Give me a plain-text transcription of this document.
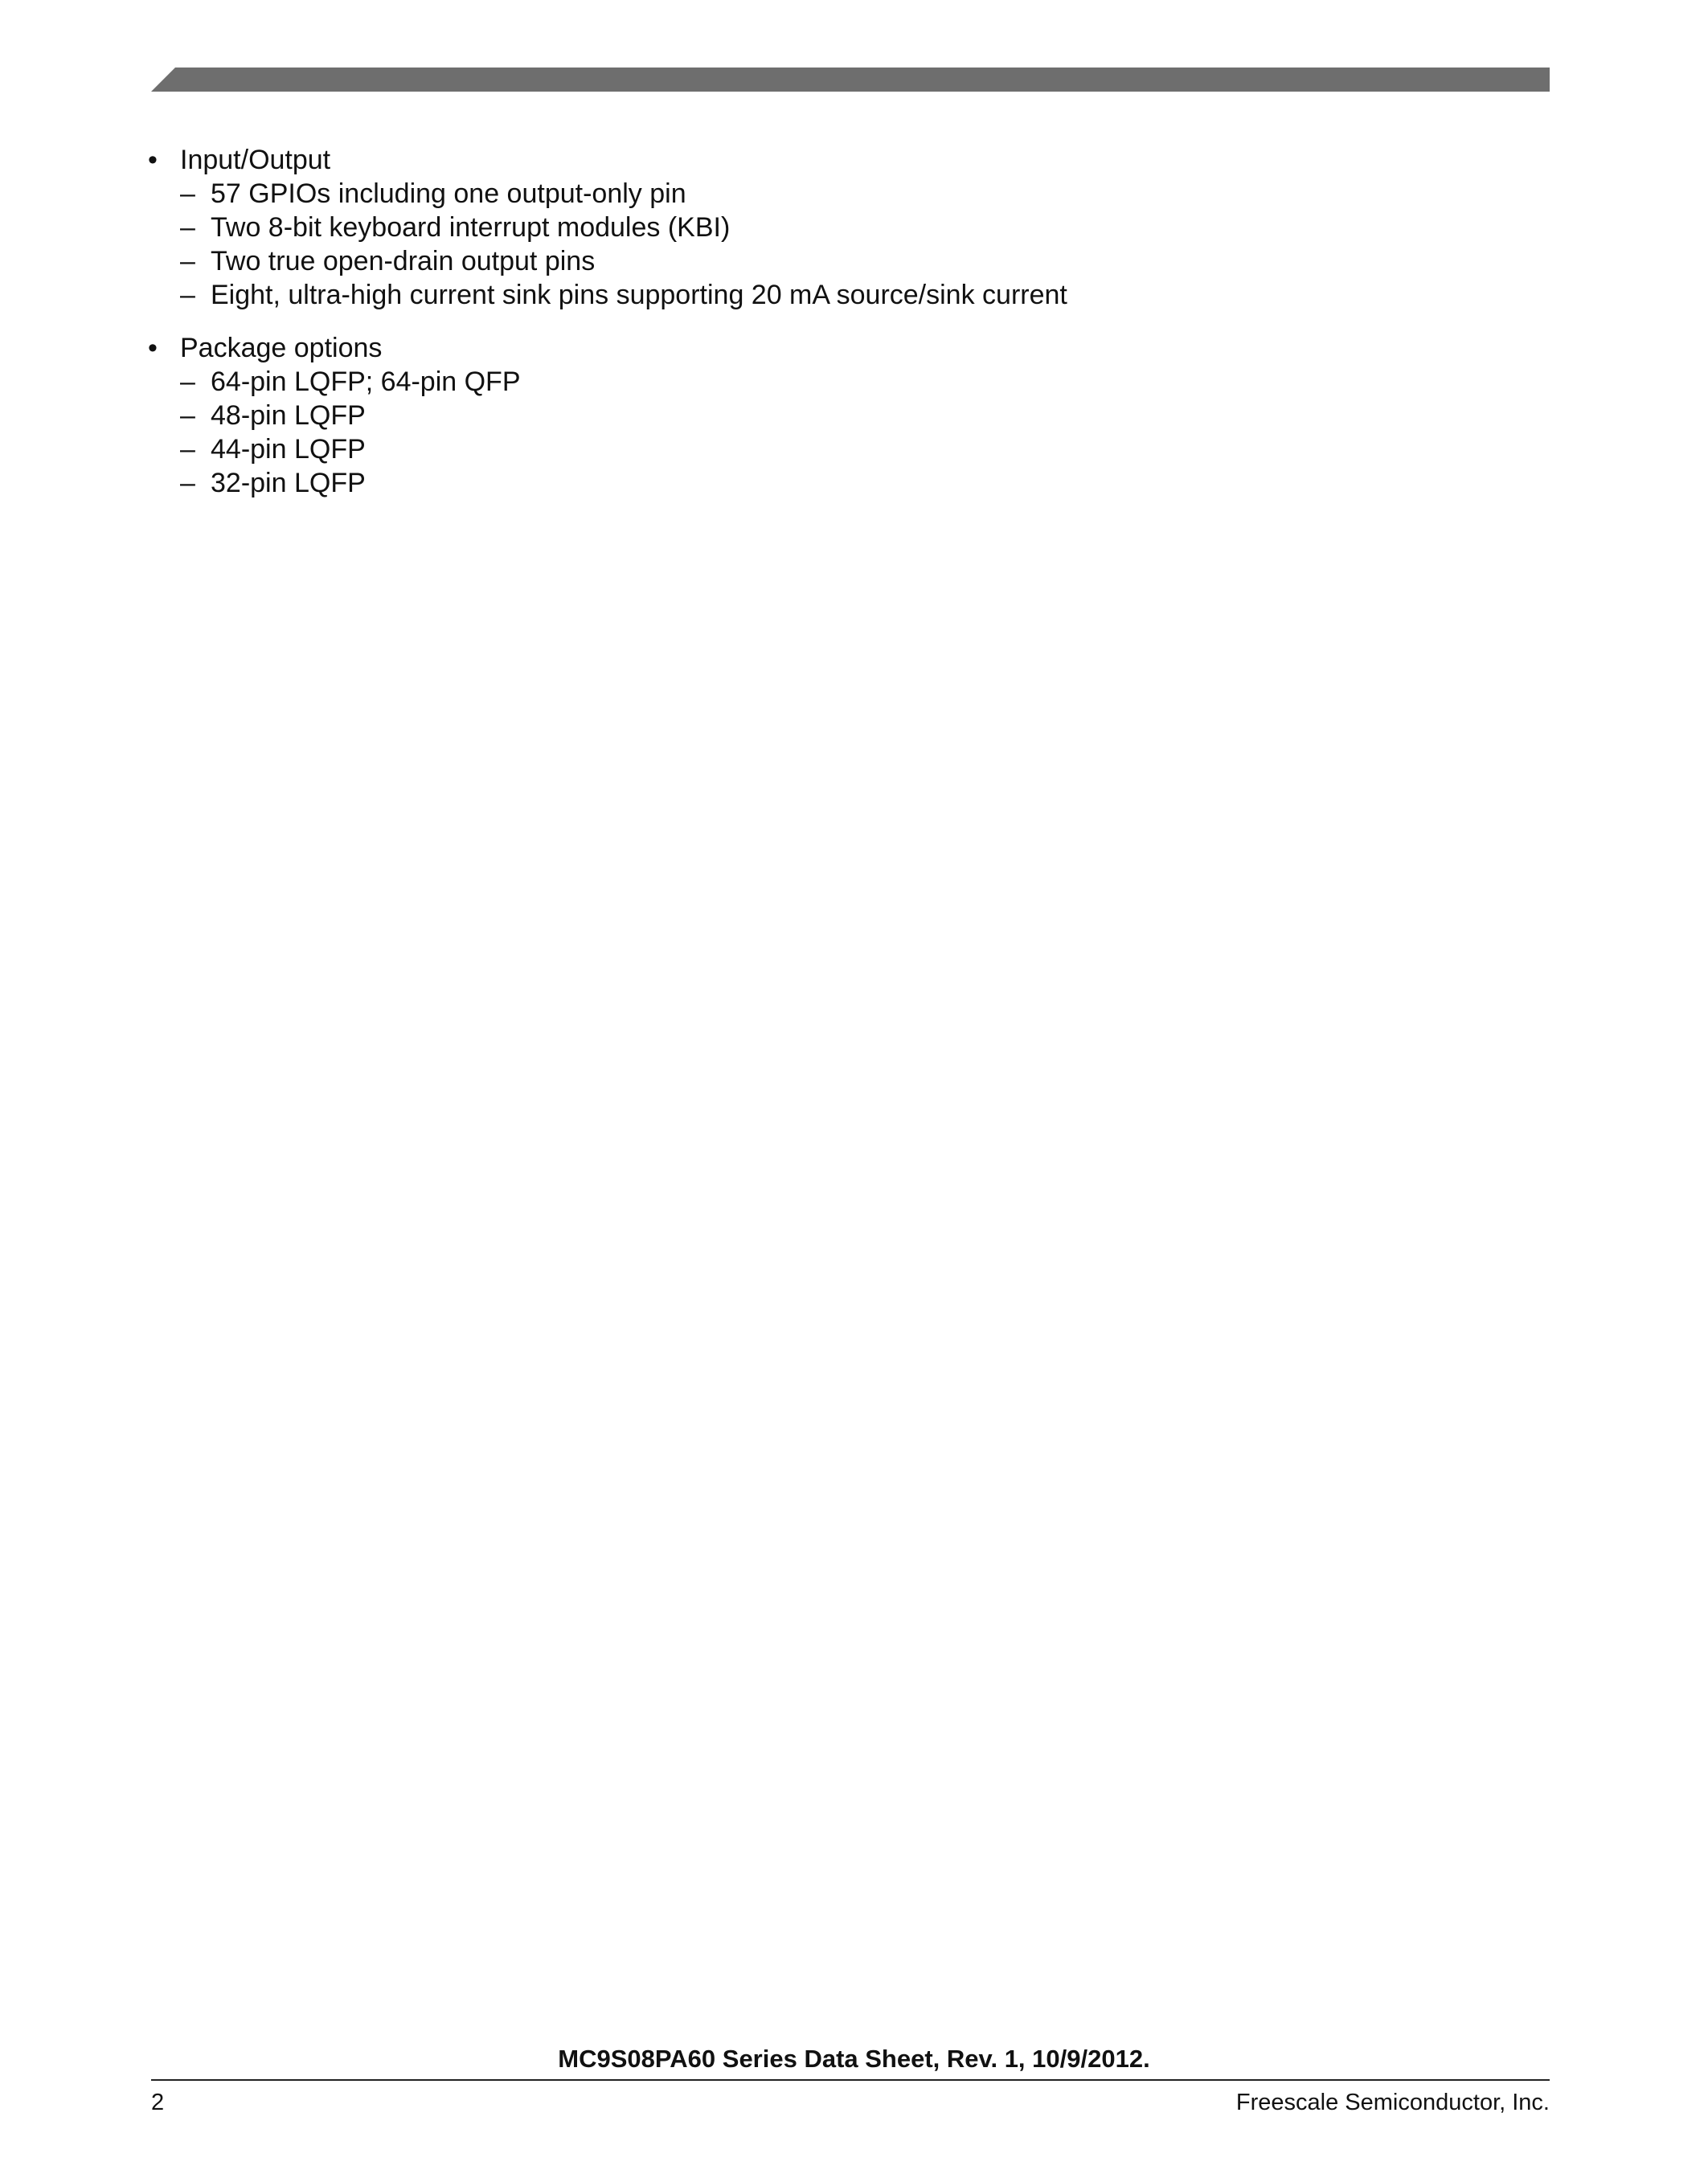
• Input/Output
– 57 GPIOs including one output-only pin
– Two 8-bit keyboard interrupt modules (KBI)
– Two true open-drain output pins
– Eight, ultra-high current sink pins supporting 20 mA source/sink current
• Package options
– 64-pin LQFP; 64-pin QFP
– 48-pin LQFP
– 44-pin LQFP
– 32-pin LQFP
MC9S08PA60 Series Data Sheet, Rev. 1, 10/9/2012.
2	Freescale Semiconductor, Inc.
